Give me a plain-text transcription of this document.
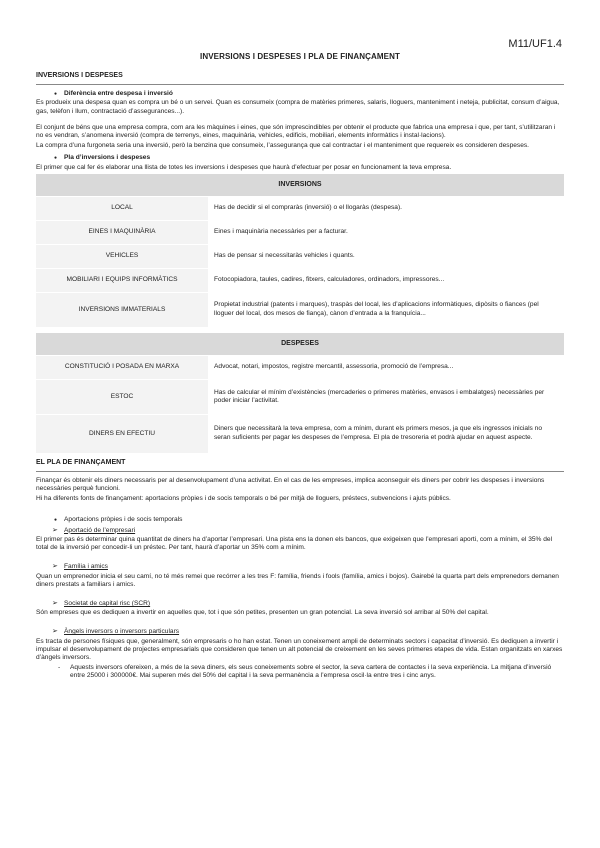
M11/UF1.4
INVERSIONS I DESPESES I PLA DE FINANÇAMENT
INVERSIONS I DESPESES
● Diferència entre despesa i inversió

Es produeix una despesa quan es compra un bé o un servei. Quan es consumeix (compra de matèries primeres, salaris, lloguers, manteniment i neteja, publicitat, consum d’aigua, gas, telèfon i llum, contractació d’assegurances...).

El conjunt de béns que una empresa compra, com ara les màquines i eines, que són imprescindibles per obtenir el producte que fabrica una empresa i que, per tant, s’utilitzaran i no es vendran, s’anomena inversió (compra de terrenys, eines, maquinària, vehicles, edificis, mobiliari, elements informàtics i instal·lacions).

La compra d’una furgoneta seria una inversió, però la benzina que consumeix, l’assegurança que cal contractar i el manteniment que requereix es consideren despeses.

● Pla d’inversions i despeses

El primer que cal fer és elaborar una llista de totes les inversions i despeses que haurà d’efectuar per posar en funcionament la teva empresa.

INVERSIONS	
LOCAL	Has de decidir si el compraràs (inversió) o el llogaràs (despesa).
EINES I MAQUINÀRIA	Eines i maquinària necessàries per a facturar.
VEHICLES	Has de pensar si necessitaràs vehicles i quants.
MOBILIARI I EQUIPS INFORMÀTICS	Fotocopiadora, taules, cadires, fitxers, calculadores, ordinadors, impressores...
INVERSIONS IMMATERIALS	Propietat industrial (patents i marques), traspàs del local, les d’aplicacions informàtiques, dipòsits o fiances (pel lloguer del local, dos mesos de fiança), cànon d’entrada a la franquícia...
DESPESES	
CONSTITUCIÓ I POSADA EN MARXA	Advocat, notari, impostos, registre mercantil, assessoria, promoció de l’empresa...
ESTOC	Has de calcular el mínim d’existències (mercaderies o primeres matèries, envasos i embalatges) necessàries per poder iniciar l’activitat.
DINERS EN EFECTIU	Diners que necessitarà la teva empresa, com a mínim, durant els primers mesos, ja que els ingressos inicials no seran suficients per pagar les despeses de l’empresa. El pla de tresoreria et podrà ajudar en aquest aspecte.
EL PLA DE FINANÇAMENT

Finançar és obtenir els diners necessaris per al desenvolupament d’una activitat. En el cas de les empreses, implica aconseguir els diners per cobrir les despeses i inversions necessàries perquè funcioni.

Hi ha diferents fonts de finançament: aportacions pròpies i de socis temporals o bé per mitjà de lloguers, préstecs, subvencions i ajuts públics.

● Aportacions pròpies i de socis temporals
➢ Aportació de l’empresari

El primer pas és determinar quina quantitat de diners ha d’aportar l’empresari. Una pista ens la donen els bancos, que exigeixen que l’empresari aporti, com a mínim, el 35% del total de la inversió per concedir-li un préstec. Per tant, haurà d’aportar un 35% com a mínim.

➢ Família i amics

Quan un emprenedor inicia el seu camí, no té més remei que recórrer a les tres F: família, friends i fools (família, amics i bojos). Gairebé la quarta part dels emprenedors demanen diners prestats a familiars i amics.

➢ Societat de capital risc (SCR)

Són empreses que es dediquen a invertir en aquelles que, tot i que són petites, presenten un gran potencial. La seva inversió sol arribar al 50% del capital.

➢ Àngels inversors o inversors particulars

Es tracta de persones físiques que, generalment, són empresaris o ho han estat. Tenen un coneixement ampli de determinats sectors i capacitat d’inversió. Es dediquen a invertir i impulsar el desenvolupament de projectes empresarials que consideren que tenen un alt potencial de creixement en les seves primeres etapes de vida. Estan organitzats en xarxes d’àngels inversors.

- Aquests inversors ofereixen, a més de la seva diners, els seus coneixements sobre el sector, la seva cartera de contactes i la seva experiència. La mitjana d’inversió entre 25000 i 300000€. Mai superen més del 50% del capital i la seva permanència a l’empresa oscil·la entre tres i cinc anys.
